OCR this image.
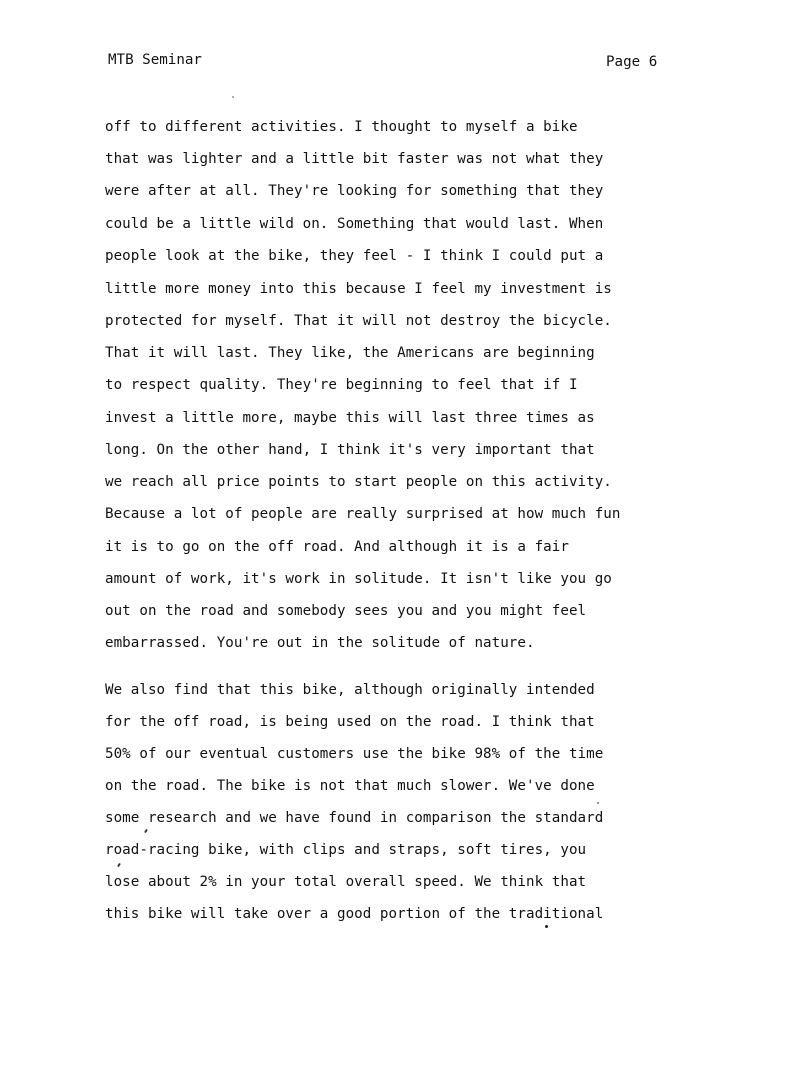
MTB Seminar	Page 6
off to different activities. I thought to myself a bike
that was lighter and a little bit faster was not what they
were after at all. They're looking for something that they
could be a little wild on. Something that would last. When
people look at the bike, they feel - I think I could put a
little more money into this because I feel my investment is
protected for myself. That it will not destroy the bicycle.
That it will last. They like, the Americans are beginning
to respect quality. They're beginning to feel that if I
invest a little more, maybe this will last three times as
long. On the other hand, I think it's very important that
we reach all price points to start people on this activity.
Because a lot of people are really surprised at how much fun
it is to go on the off road. And although it is a fair
amount of work, it's work in solitude. It isn't like you go
out on the road and somebody sees you and you might feel
embarrassed. You're out in the solitude of nature.
We also find that this bike, although originally intended
for the off road, is being used on the road. I think that
50% of our eventual customers use the bike 98% of the time
on the road. The bike is not that much slower. We've done
some research and we have found in comparison the standard
road-racing bike, with clips and straps, soft tires, you
lose about 2% in your total overall speed. We think that
this bike will take over a good portion of the traditional
